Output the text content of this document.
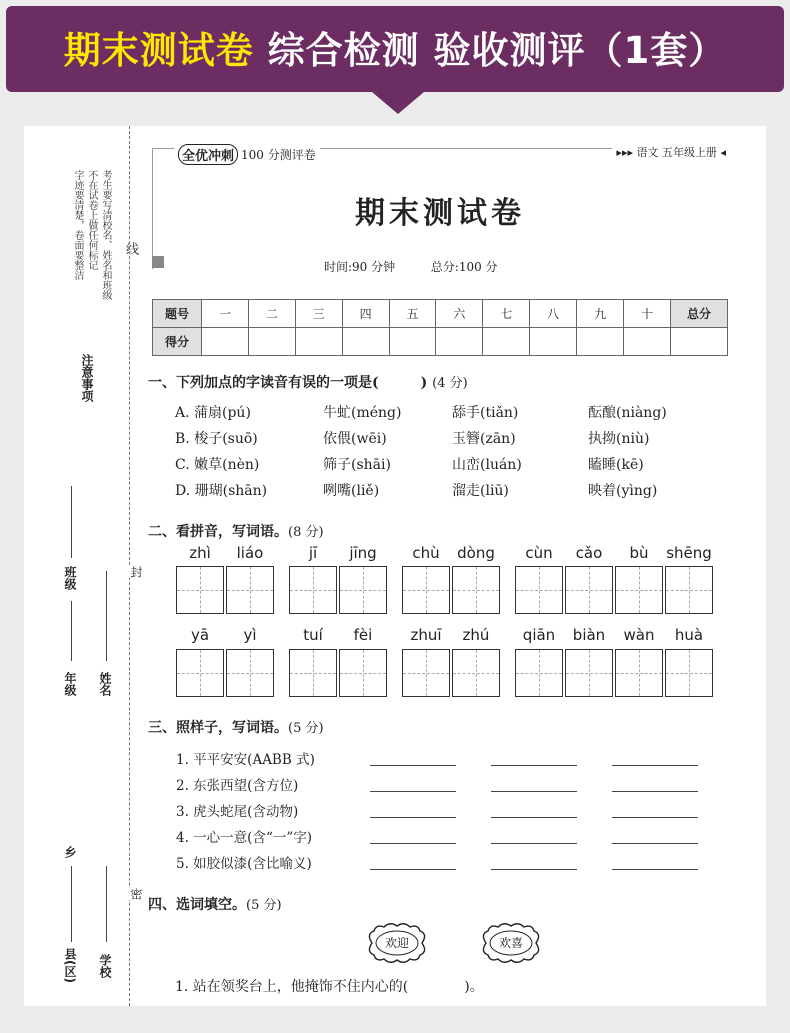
期末测试卷 综合检测 验收测评（1套）
考生要写清校名、姓名和班级
不在试卷上做任何标记
字迹要清楚，卷面要整洁	线
注意事项
班级
年级 姓名
乡
县(区) 学校
封
密
全优冲刺 100 分测评卷	▸▸▸ 语文 五年级上册 ◂
期末测试卷
时间:90 分钟	总分:100 分
题号	一	二	三	四	五	六	七	八	九	十	总分
得分											
一、下列加点的字读音有误的一项是(	) (4 分)
A. 蒲扇(pú)	牛虻(méng)	舔手(tiǎn)	酝酿(niàng)
B. 梭子(suō)	依偎(wēi)	玉簪(zān)	执拗(niù)
C. 嫩草(nèn)	筛子(shāi)	山峦(luán)	瞌睡(kē)
D. 珊瑚(shān)	咧嘴(liě)	溜走(liū)	映着(yìng)
二、看拼音，写词语。(8 分)
zhì	liáo	jī	jīng	chù	dòng	cùn	cǎo	bù	shēng
yā	yì	tuí	fèi	zhuī	zhú	qiān	biàn	wàn	huà
三、照样子，写词语。(5 分)
1. 平平安安(AABB 式)
2. 东张西望(含方位)
3. 虎头蛇尾(含动物)
4. 一心一意(含“一”字)
5. 如胶似漆(含比喻义)
四、选词填空。(5 分)
欢迎	欢喜
1. 站在领奖台上，他掩饰不住内心的(	)。
